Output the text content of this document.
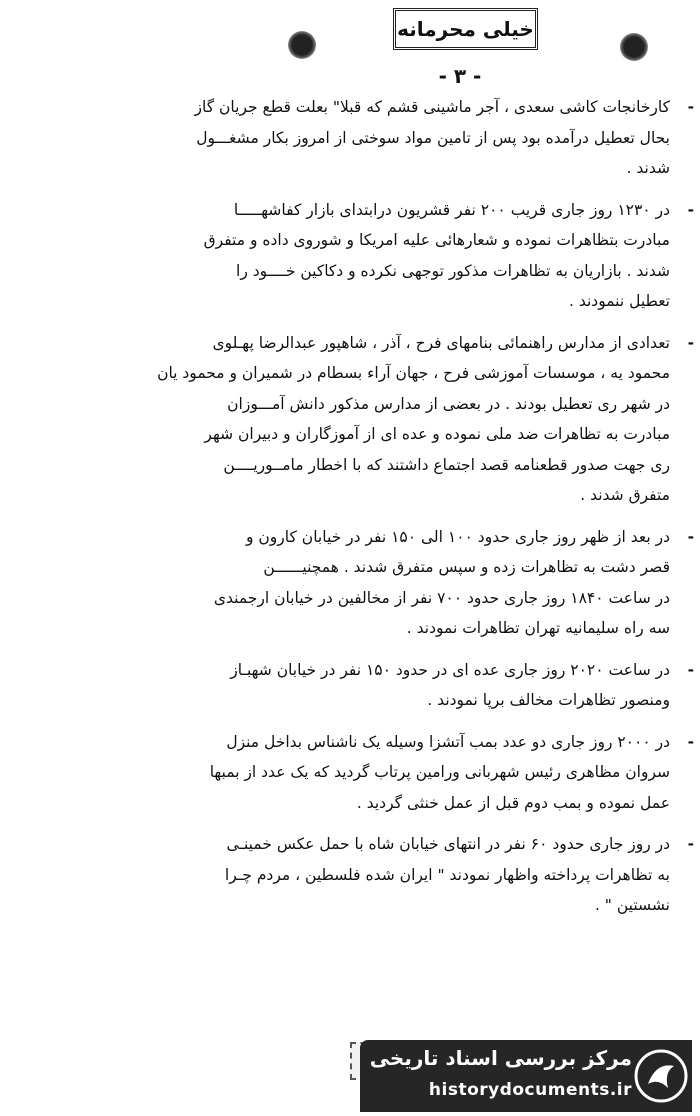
خیلی محرمانه
- ۳ -
-
کارخانجات کاشی سعدی ، آجر ماشینی قشم که قبلا" بعلت قطع جریان گاز
بحال تعطیل درآمده بود پس از تامین مواد سوختی از امروز بکار مشغـــول
شدند .
-
در ۱۲۳۰ روز جاری قریب ۲۰۰ نفر قشریون درابتدای بازار کفاشهـــــا
مبادرت بتظاهرات نموده و شعارهائی علیه امریکا و شوروی داده و متفرق
شدند . بازاریان به تظاهرات مذکور توجهی نکرده و دکاکین خــــود را
تعطیل ننمودند .
-
تعدادی از مدارس راهنمائی بنامهای فرح ، آذر ، شاهپور عبدالرضا پهـلوی
محمود یه ، موسسات آموزشی فرح ، جهان آراء بسطام در شمیران و محمود یان
در شهر ری تعطیل بودند . در بعضی از مدارس مذکور دانش آمـــوزان
مبادرت به تظاهرات ضد ملی نموده و عده ای از آموزگاران و دبیران شهر
ری جهت صدور قطعنامه قصد اجتماع داشتند که با اخطار مامــوریــــن
متفرق شدند .
-
در بعد از ظهر روز جاری حدود ۱۰۰ الی ۱۵۰ نفر در خیابان کارون و
قصر دشت به تظاهرات زده و سپس متفرق شدند . همچنیــــــن
در ساعت ۱۸۴۰ روز جاری حدود ۷۰۰ نفر از مخالفین در خیابان ارجمندی
سه راه سلیمانیه تهران تظاهرات نمودند .
-
در ساعت ۲۰۲۰ روز جاری عده ای در حدود ۱۵۰ نفر در خیابان شهبـاز
ومنصور تظاهرات مخالف برپا نمودند .
-
در ۲۰۰۰ روز جاری دو عدد بمب آتشزا وسیله یک ناشناس بداخل منزل
سروان مظاهری رئیس شهربانی ورامین پرتاب گردید که یک عدد از بمبها
عمل نموده و بمب دوم قبل از عمل خنثی گردید .
-
در روز جاری حدود ۶۰ نفر در انتهای خیابان شاه با حمل عکس خمینـی
به تظاهرات پرداخته واظهار نمودند " ایران شده فلسطین ، مردم چـرا
نشستین " .
مرکز بررسی اسناد تاریخی
historydocuments.ir
